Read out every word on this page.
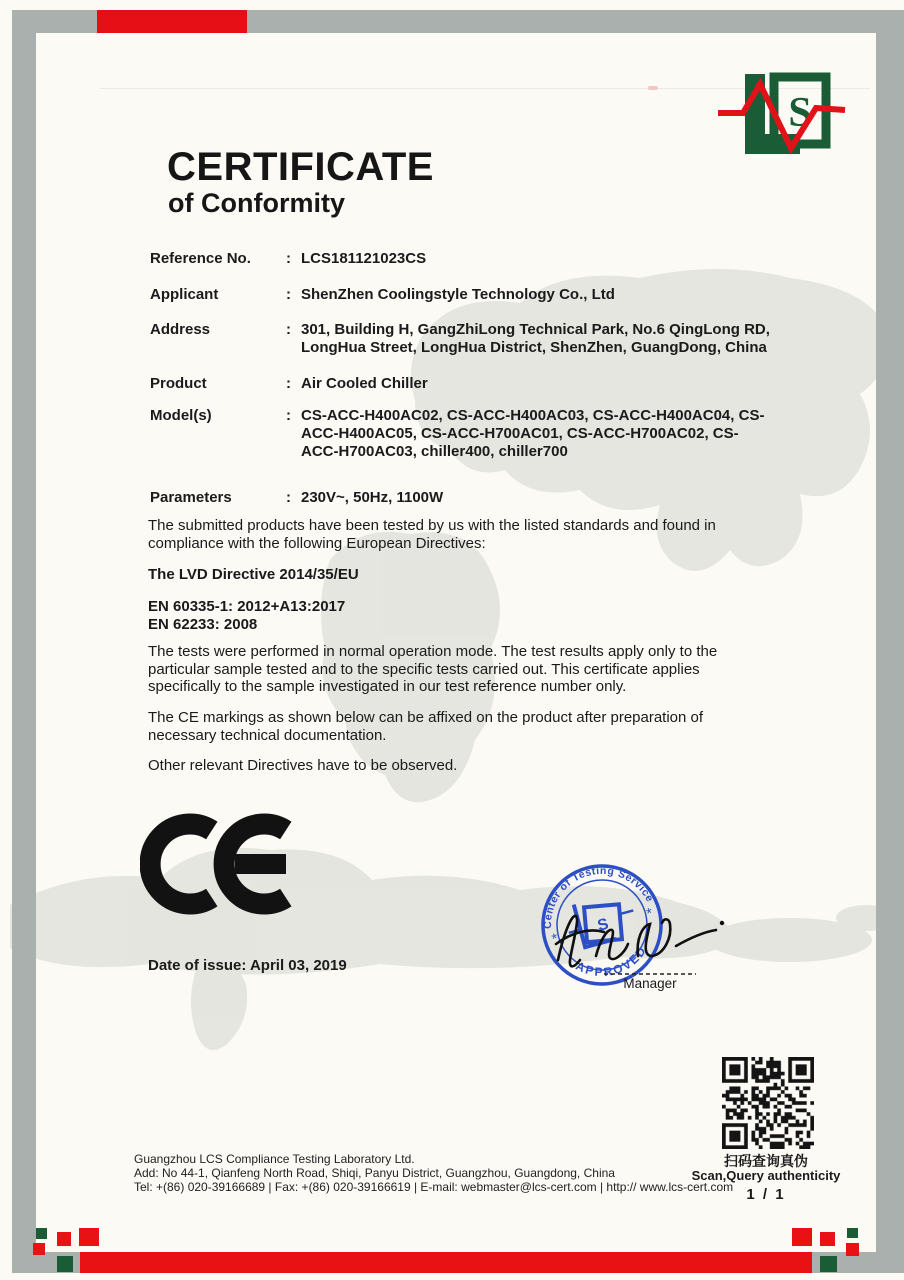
S
CERTIFICATE
of Conformity
Reference No.	: LCS181121023CS
Applicant	: ShenZhen Coolingstyle Technology Co., Ltd
Address	: 301, Building H, GangZhiLong Technical Park, No.6 QingLong RD, LongHua Street, LongHua District, ShenZhen, GuangDong, China
Product	: Air Cooled Chiller
Model(s)	: CS-ACC-H400AC02, CS-ACC-H400AC03, CS-ACC-H400AC04, CS-ACC-H400AC05, CS-ACC-H700AC01, CS-ACC-H700AC02, CS-ACC-H700AC03, chiller400, chiller700
Parameters	: 230V~, 50Hz, 1100W
The submitted products have been tested by us with the listed standards and found in compliance with the following European Directives:
The LVD Directive 2014/35/EU
EN 60335-1: 2012+A13:2017
EN 62233: 2008
The tests were performed in normal operation mode. The test results apply only to the particular sample tested and to the specific tests carried out. This certificate applies specifically to the sample investigated in our test reference number only.
The CE markings as shown below can be affixed on the product after preparation of necessary technical documentation.
Other relevant Directives have to be observed.
Date of issue: April 03, 2019
Center of Testing Service
APPROVED
*
*
S
Manager
扫码查询真伪
Scan,Query authenticity
1 / 1
Guangzhou LCS Compliance Testing Laboratory Ltd.
Add: No 44-1, Qianfeng North Road, Shiqi, Panyu District, Guangzhou, Guangdong, China
Tel: +(86) 020-39166689 | Fax: +(86) 020-39166619 | E-mail: webmaster@lcs-cert.com | http:// www.lcs-cert.com
